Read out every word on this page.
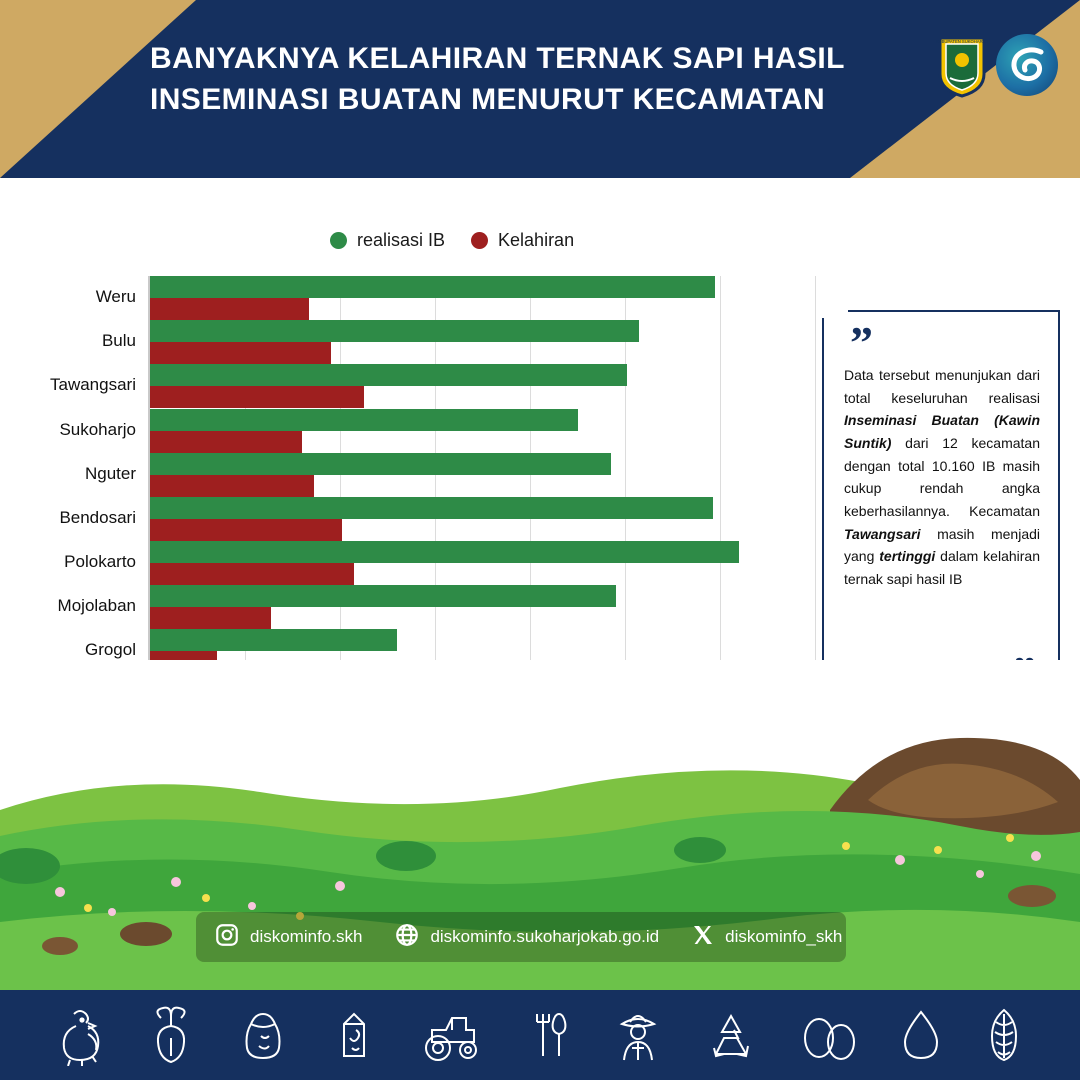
BANYAKNYA KELAHIRAN TERNAK SAPI HASIL INSEMINASI BUATAN MENURUT KECAMATAN
KABUPATEN SUKOHARJO
realisasi IB	Kelahiran
Weru
Bulu
Tawangsari
Sukoharjo
Nguter
Bendosari
Polokarto
Mojolaban
Grogol
”
Data tersebut menunjukan dari total keseluruhan realisasi Inseminasi Buatan (Kawin Suntik) dari 12 kecamatan dengan total 10.160 IB masih cukup rendah angka keberhasilannya. Kecamatan Tawangsari masih menjadi yang tertinggi dalam kelahiran ternak sapi hasil IB
diskominfo.skh	diskominfo.sukoharjokab.go.id	diskominfo_skh
